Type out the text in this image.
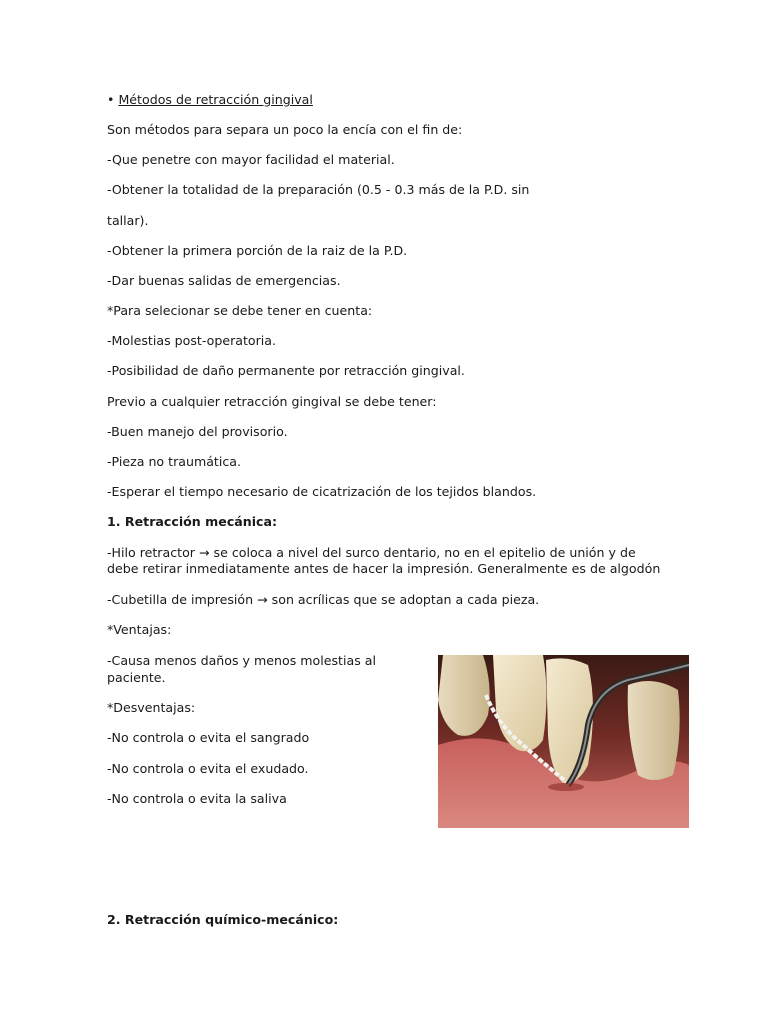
• Métodos de retracción gingival
Son métodos para separa un poco la encía con el fin de:
-Que penetre con mayor facilidad el material.
-Obtener la totalidad de la preparación (0.5 - 0.3 más de la P.D. sin
tallar).
-Obtener la primera porción de la raiz de la P.D.
-Dar buenas salidas de emergencias.
*Para selecionar se debe tener en cuenta:
-Molestias post-operatoria.
-Posibilidad de daño permanente por retracción gingival.
Previo a cualquier retracción gingival se debe tener:
-Buen manejo del provisorio.
-Pieza no traumática.
-Esperar el tiempo necesario de cicatrización de los tejidos blandos.
1. Retracción mecánica:
-Hilo retractor → se coloca a nivel del surco dentario, no en el epitelio de unión y de
debe retirar inmediatamente antes de hacer la impresión. Generalmente es de algodón
-Cubetilla de impresión → son acrílicas que se adoptan a cada pieza.
*Ventajas:
-Causa menos daños y menos molestias al
paciente.
*Desventajas:
-No controla o evita el sangrado
-No controla o evita el exudado.
-No controla o evita la saliva
2. Retracción químico-mecánico:
